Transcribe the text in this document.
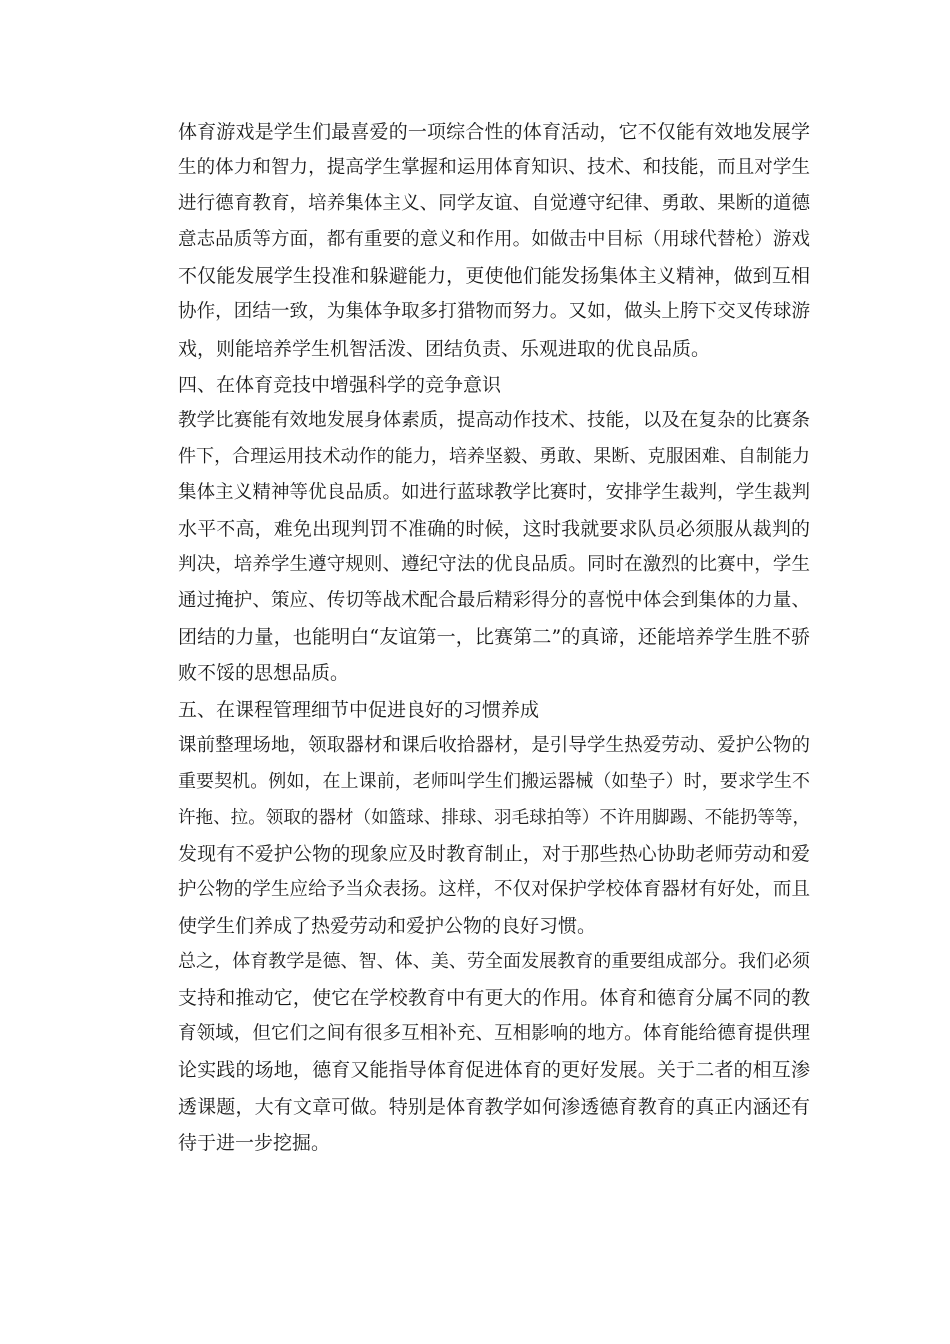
体育游戏是学生们最喜爱的一项综合性的体育活动，它不仅能有效地发展学
生的体力和智力，提高学生掌握和运用体育知识、技术、和技能，而且对学生
进行德育教育，培养集体主义、同学友谊、自觉遵守纪律、勇敢、果断的道德
意志品质等方面，都有重要的意义和作用。如做击中目标（用球代替枪）游戏
不仅能发展学生投准和躲避能力，更使他们能发扬集体主义精神，做到互相
协作，团结一致，为集体争取多打猎物而努力。又如，做头上胯下交叉传球游
戏，则能培养学生机智活泼、团结负责、乐观进取的优良品质。
四、在体育竞技中增强科学的竞争意识
教学比赛能有效地发展身体素质，提高动作技术、技能，以及在复杂的比赛条
件下，合理运用技术动作的能力，培养坚毅、勇敢、果断、克服困难、自制能力
集体主义精神等优良品质。如进行蓝球教学比赛时，安排学生裁判，学生裁判
水平不高，难免出现判罚不准确的时候，这时我就要求队员必须服从裁判的
判决，培养学生遵守规则、遵纪守法的优良品质。同时在激烈的比赛中，学生
通过掩护、策应、传切等战术配合最后精彩得分的喜悦中体会到集体的力量、
团结的力量，也能明白“友谊第一，比赛第二”的真谛，还能培养学生胜不骄
败不馁的思想品质。
五、在课程管理细节中促进良好的习惯养成
课前整理场地，领取器材和课后收拾器材，是引导学生热爱劳动、爱护公物的
重要契机。例如，在上课前，老师叫学生们搬运器械（如垫子）时，要求学生不
许拖、拉。领取的器材（如篮球、排球、羽毛球拍等）不许用脚踢、不能扔等等，
发现有不爱护公物的现象应及时教育制止，对于那些热心协助老师劳动和爱
护公物的学生应给予当众表扬。这样，不仅对保护学校体育器材有好处，而且
使学生们养成了热爱劳动和爱护公物的良好习惯。
总之，体育教学是德、智、体、美、劳全面发展教育的重要组成部分。我们必须
支持和推动它，使它在学校教育中有更大的作用。体育和德育分属不同的教
育领域，但它们之间有很多互相补充、互相影响的地方。体育能给德育提供理
论实践的场地，德育又能指导体育促进体育的更好发展。关于二者的相互渗
透课题，大有文章可做。特别是体育教学如何渗透德育教育的真正内涵还有
待于进一步挖掘。
